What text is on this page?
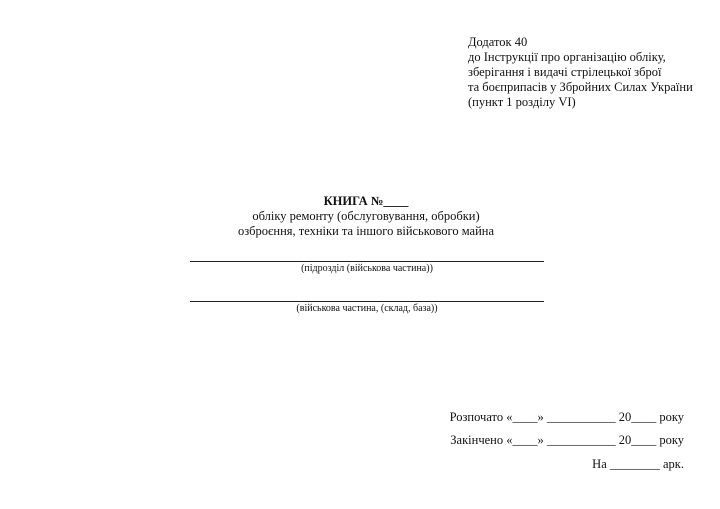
Додаток 40
до Інструкції про організацію обліку,
зберігання і видачі стрілецької зброї
та боєприпасів у Збройних Силах України
(пункт 1 розділу VI)
КНИГА №____
обліку ремонту (обслуговування, обробки)
озброєння, техніки та іншого військового майна
(підрозділ (військова частина))
(військова частина, (склад, база))
Розпочато «____» ___________ 20____ року
Закінчено «____» ___________ 20____ року
На ________ арк.
